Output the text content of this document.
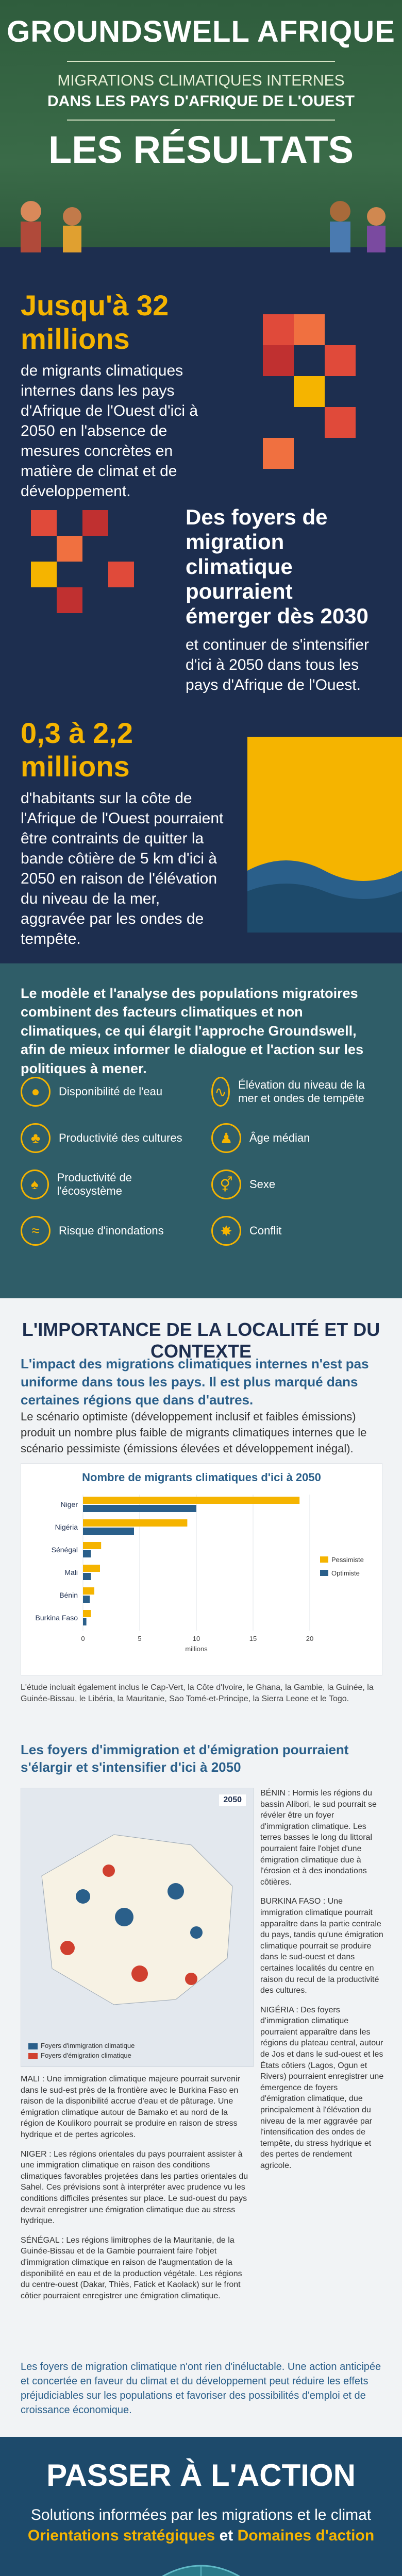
GROUNDSWELL AFRIQUE
MIGRATIONS CLIMATIQUES INTERNES
DANS LES PAYS D'AFRIQUE DE L'OUEST
LES RÉSULTATS
Jusqu'à 32 millions
de migrants climatiques internes dans les pays d'Afrique de l'Ouest d'ici à 2050 en l'absence de mesures concrètes en matière de climat et de développement.
Des foyers de migration climatique pourraient émerger dès 2030
et continuer de s'intensifier d'ici à 2050 dans tous les pays d'Afrique de l'Ouest.
0,3 à 2,2 millions
d'habitants sur la côte de l'Afrique de l'Ouest pourraient être contraints de quitter la bande côtière de 5 km d'ici à 2050 en raison de l'élévation du niveau de la mer, aggravée par les ondes de tempête.
Le modèle et l'analyse des populations migratoires combinent des facteurs climatiques et non climatiques, ce qui élargit l'approche Groundswell, afin de mieux informer le dialogue et l'action sur les politiques à mener.
●	Disponibilité de l'eau
♣	Productivité des cultures
♠	Productivité de l'écosystème
≈	Risque d'inondations
∿ Élévation du niveau de la mer et ondes de tempête
♟	Âge médian
⚥	Sexe
✸	Conflit
L'IMPORTANCE DE LA LOCALITÉ ET DU CONTEXTE
L'impact des migrations climatiques internes n'est pas uniforme dans tous les pays. Il est plus marqué dans certaines régions que dans d'autres.
Le scénario optimiste (développement inclusif et faibles émissions) produit un nombre plus faible de migrants climatiques internes que le scénario pessimiste (émissions élevées et développement inégal).
Nombre de migrants climatiques d'ici à 2050
0	5	10	15	20
millions
Niger
Nigéria
Sénégal
Mali
Bénin
Burkina Faso
Pessimiste
Optimiste
L'étude incluait également inclus le Cap-Vert, la Côte d'Ivoire, le Ghana, la Gambie, la Guinée, la Guinée-Bissau, le Libéria, la Mauritanie, Sao Tomé-et-Principe, la Sierra Leone et le Togo.
Les foyers d'immigration et d'émigration pourraient s'élargir et s'intensifier d'ici à 2050
2050
Foyers d'immigration climatique
Foyers d'émigration climatique

BÉNIN : Hormis les régions du bassin Alibori, le sud pourrait se révéler être un foyer d'immigration climatique. Les terres basses le long du littoral pourraient faire l'objet d'une émigration climatique due à l'érosion et à des inondations côtières.

BURKINA FASO : Une immigration climatique pourrait apparaître dans la partie centrale du pays, tandis qu'une émigration climatique pourrait se produire dans le sud-ouest et dans certaines localités du centre en raison du recul de la productivité des cultures.

NIGÉRIA : Des foyers d'immigration climatique pourraient apparaître dans les régions du plateau central, autour de Jos et dans le sud-ouest et les États côtiers (Lagos, Ogun et Rivers) pourraient enregistrer une émergence de foyers d'émigration climatique, due principalement à l'élévation du niveau de la mer aggravée par l'intensification des ondes de tempête, du stress hydrique et des pertes de rendement agricole.

MALI : Une immigration climatique majeure pourrait survenir dans le sud-est près de la frontière avec le Burkina Faso en raison de la disponibilité accrue d'eau et de pâturage. Une émigration climatique autour de Bamako et au nord de la région de Koulikoro pourrait se produire en raison de stress hydrique et de pertes agricoles.

NIGER : Les régions orientales du pays pourraient assister à une immigration climatique en raison des conditions climatiques favorables projetées dans les parties orientales du Sahel. Ces prévisions sont à interpréter avec prudence vu les conditions difficiles présentes sur place. Le sud-ouest du pays devrait enregistrer une émigration climatique due au stress hydrique.

SÉNÉGAL : Les régions limitrophes de la Mauritanie, de la Guinée-Bissau et de la Gambie pourraient faire l'objet d'immigration climatique en raison de l'augmentation de la disponibilité en eau et de la production végétale. Les régions du centre-ouest (Dakar, Thiès, Fatick et Kaolack) sur le front côtier pourraient enregistrer une émigration climatique.

Les foyers de migration climatique n'ont rien d'inéluctable. Une action anticipée et concertée en faveur du climat et du développement peut réduire les effets préjudiciables sur les populations et favoriser des possibilités d'emploi et de croissance économique.
PASSER À L'ACTION
Solutions informées par les migrations et le climat
Orientations stratégiques et Domaines d'action
